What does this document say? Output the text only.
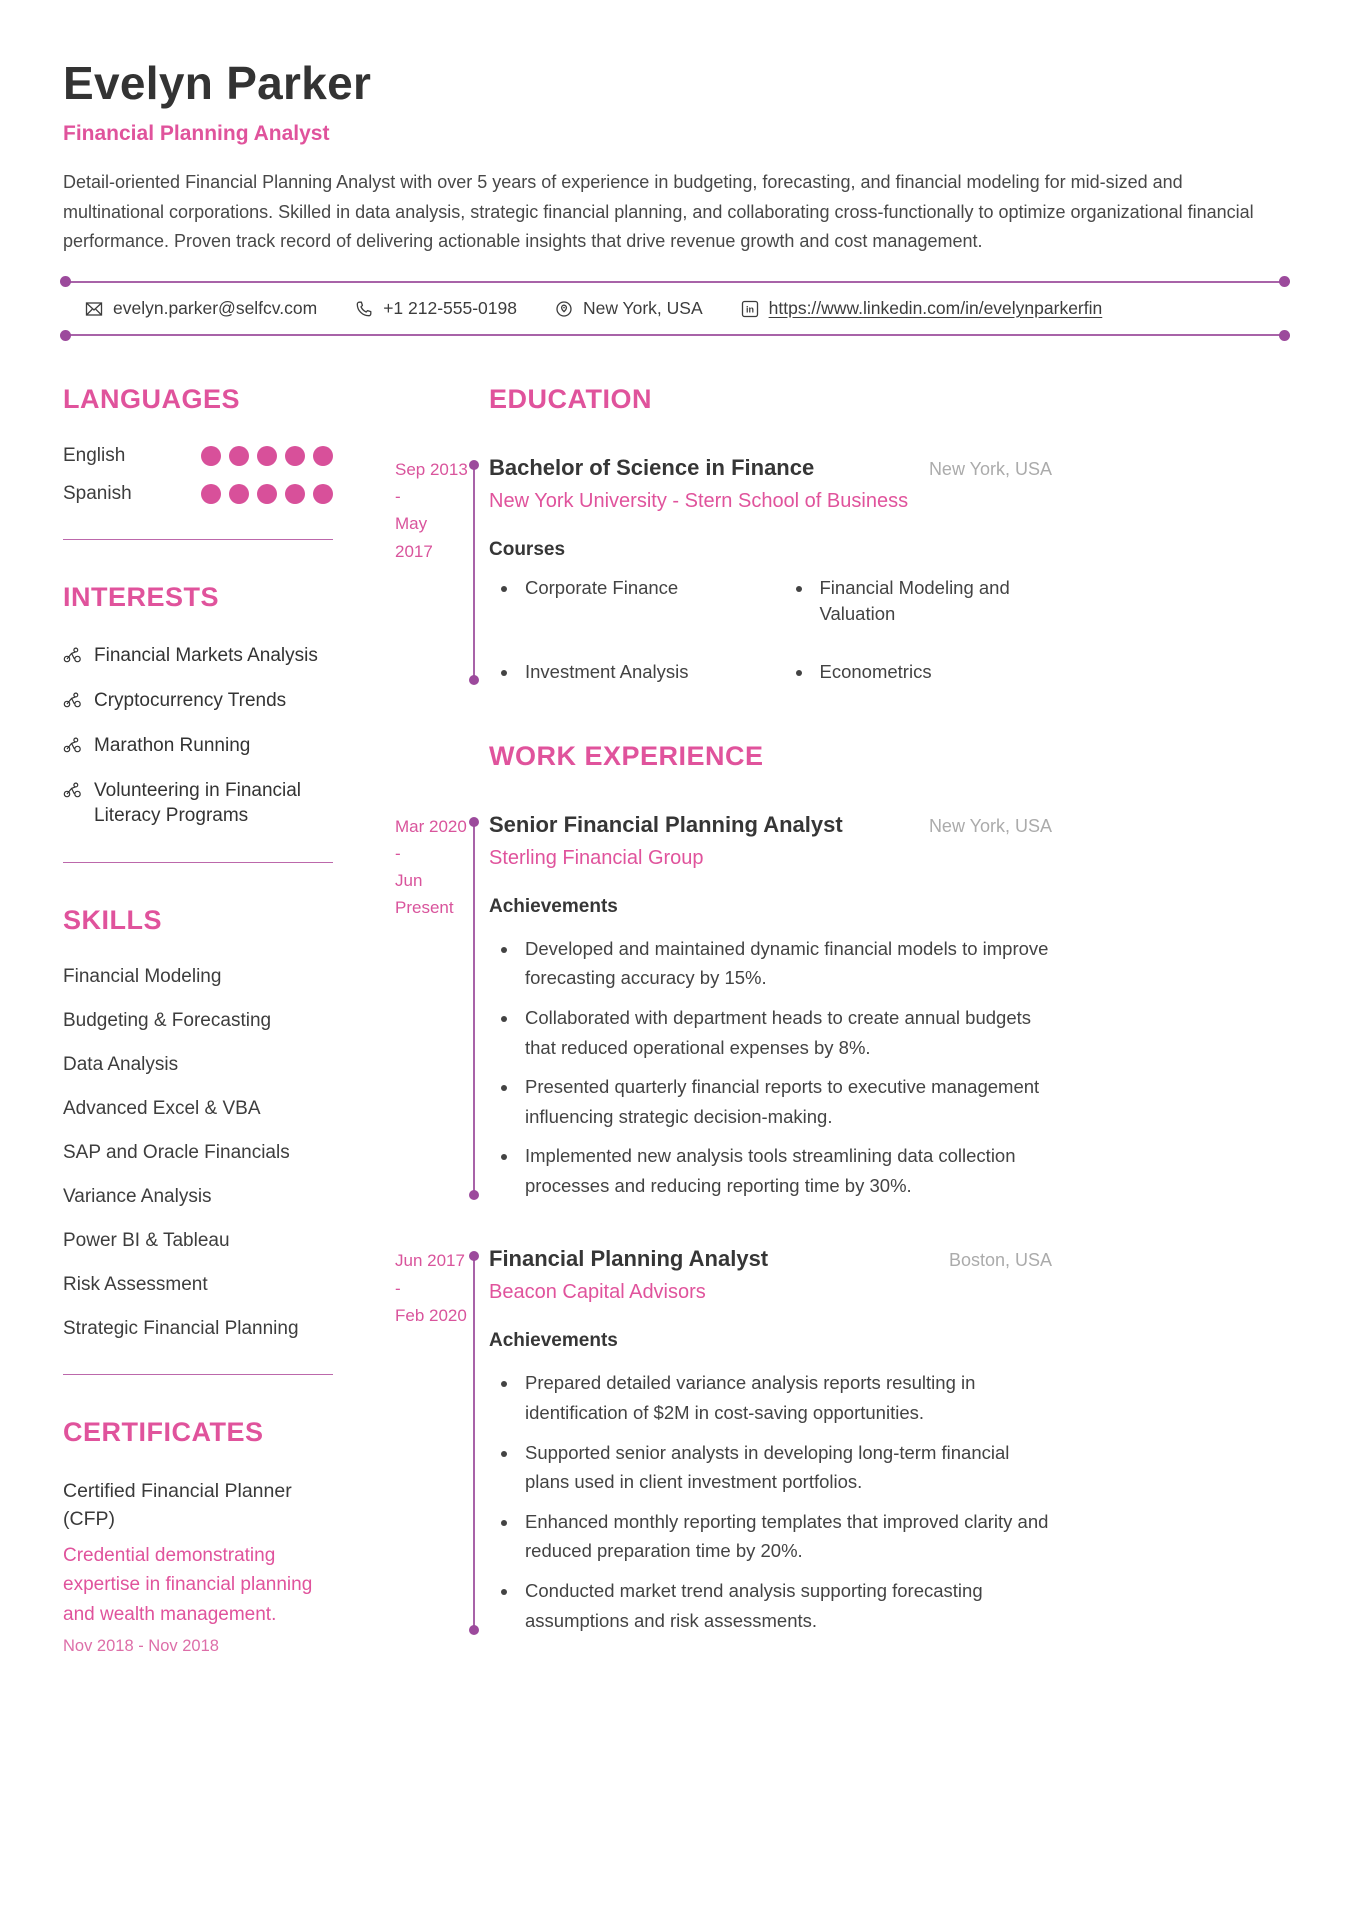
Evelyn Parker
Financial Planning Analyst

Detail-oriented Financial Planning Analyst with over 5 years of experience in budgeting, forecasting, and financial modeling for mid-sized and multinational corporations. Skilled in data analysis, strategic financial planning, and collaborating cross-functionally to optimize organizational financial performance. Proven track record of delivering actionable insights that drive revenue growth and cost management.

evelyn.parker@selfcv.com	+1 212-555-0198	New York, USA	in https://www.linkedin.com/in/evelynparkerfin
LANGUAGES
English
Spanish
INTERESTS
Financial Markets Analysis
Cryptocurrency Trends
Marathon Running
Volunteering in Financial Literacy Programs
SKILLS
Financial Modeling
Budgeting & Forecasting
Data Analysis
Advanced Excel & VBA
SAP and Oracle Financials
Variance Analysis
Power BI & Tableau
Risk Assessment
Strategic Financial Planning
CERTIFICATES
Certified Financial Planner (CFP)
Credential demonstrating expertise in financial planning and wealth management.
Nov 2018 - Nov 2018
EDUCATION
Sep 2013
-
May 2017
Bachelor of Science in Finance	New York, USA
New York University - Stern School of Business
Courses
• Corporate Finance	• Financial Modeling and Valuation
• Investment Analysis	• Econometrics
WORK EXPERIENCE
Mar 2020
-
Jun
Present
Senior Financial Planning Analyst	New York, USA
Sterling Financial Group
Achievements
• Developed and maintained dynamic financial models to improve forecasting accuracy by 15%.
• Collaborated with department heads to create annual budgets that reduced operational expenses by 8%.
• Presented quarterly financial reports to executive management influencing strategic decision-making.
• Implemented new analysis tools streamlining data collection processes and reducing reporting time by 30%.
Jun 2017
-
Feb 2020
Financial Planning Analyst	Boston, USA
Beacon Capital Advisors
Achievements
• Prepared detailed variance analysis reports resulting in identification of $2M in cost-saving opportunities.
• Supported senior analysts in developing long-term financial plans used in client investment portfolios.
• Enhanced monthly reporting templates that improved clarity and reduced preparation time by 20%.
• Conducted market trend analysis supporting forecasting assumptions and risk assessments.
